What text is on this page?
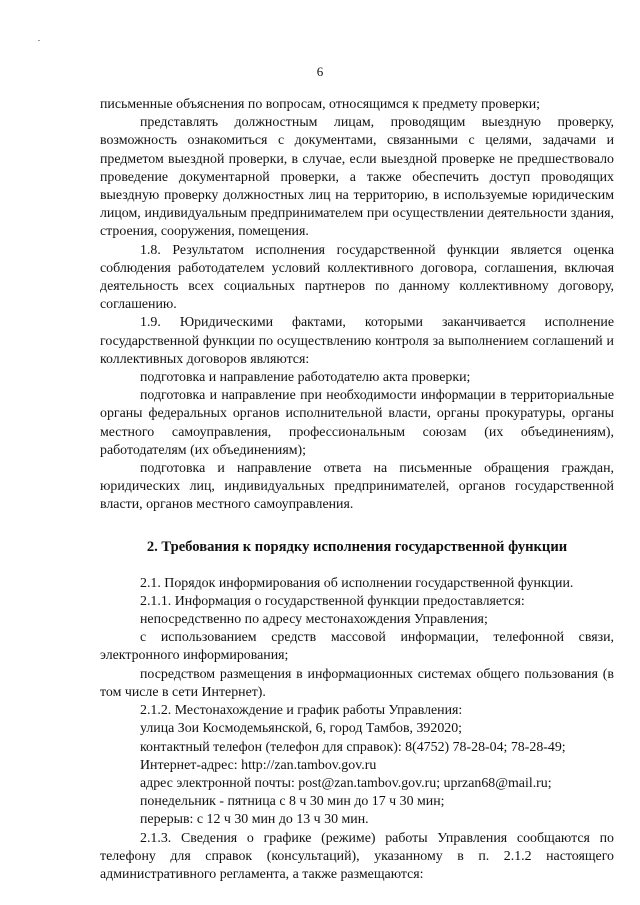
6

письменные объяснения по вопросам, относящимся к предмету проверки;

представлять должностным лицам, проводящим выездную проверку, возможность ознакомиться с документами, связанными с целями, задачами и предметом выездной проверки, в случае, если выездной проверке не предшествовало проведение документарной проверки, а также обеспечить доступ проводящих выездную проверку должностных лиц на территорию, в используемые юридическим лицом, индивидуальным предпринимателем при осуществлении деятельности здания, строения, сооружения, помещения.

1.8. Результатом исполнения государственной функции является оценка соблюдения работодателем условий коллективного договора, соглашения, включая деятельность всех социальных партнеров по данному коллективному договору, соглашению.

1.9. Юридическими фактами, которыми заканчивается исполнение государственной функции по осуществлению контроля за выполнением соглашений и коллективных договоров являются:

подготовка и направление работодателю акта проверки;

подготовка и направление при необходимости информации в территориальные органы федеральных органов исполнительной власти, органы прокуратуры, органы местного самоуправления, профессиональным союзам (их объединениям), работодателям (их объединениям);

подготовка и направление ответа на письменные обращения граждан, юридических лиц, индивидуальных предпринимателей, органов государственной власти, органов местного самоуправления.

2. Требования к порядку исполнения государственной функции

2.1. Порядок информирования об исполнении государственной функции.

2.1.1. Информация о государственной функции предоставляется:

непосредственно по адресу местонахождения Управления;

с использованием средств массовой информации, телефонной связи, электронного информирования;

посредством размещения в информационных системах общего пользования (в том числе в сети Интернет).

2.1.2. Местонахождение и график работы Управления:

улица Зои Космодемьянской, 6, город Тамбов, 392020;

контактный телефон (телефон для справок): 8(4752) 78-28-04; 78-28-49;

Интернет-адрес: http://zan.tambov.gov.ru

адрес электронной почты: post@zan.tambov.gov.ru; uprzan68@mail.ru;

понедельник - пятница с 8 ч 30 мин до 17 ч 30 мин;

перерыв: с 12 ч 30 мин до 13 ч 30 мин.

2.1.3. Сведения о графике (режиме) работы Управления сообщаются по телефону для справок (консультаций), указанному в п. 2.1.2 настоящего административного регламента, а также размещаются:
